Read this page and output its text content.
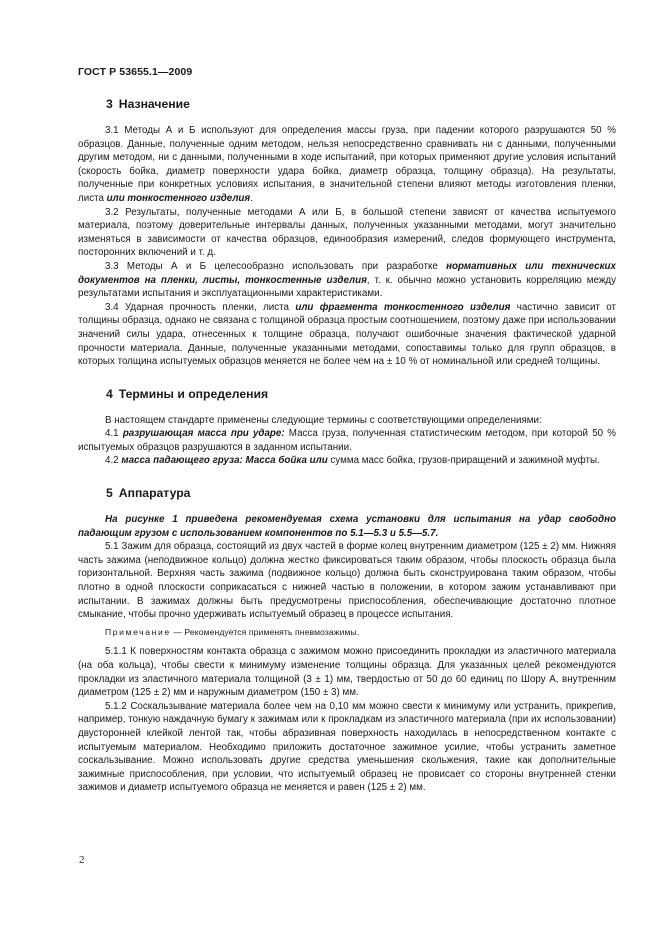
ГОСТ Р 53655.1—2009
3 Назначение

3.1 Методы А и Б используют для определения массы груза, при падении которого разрушаются 50 % образцов. Данные, полученные одним методом, нельзя непосредственно сравнивать ни с данными, полученными другим методом, ни с данными, полученными в ходе испытаний, при которых применяют другие условия испытаний (скорость бойка, диаметр поверхности удара бойка, диаметр образца, толщину образца). На результаты, полученные при конкретных условиях испытания, в значительной степени влияют методы изготовления пленки, листа или тонкостенного изделия.

3.2 Результаты, полученные методами А или Б, в большой степени зависят от качества испытуемого материала, поэтому доверительные интервалы данных, полученных указанными методами, могут значительно изменяться в зависимости от качества образцов, единообразия измерений, следов формующего инструмента, посторонних включений и т. д.

3.3 Методы А и Б целесообразно использовать при разработке нормативных или технических документов на пленки, листы, тонкостенные изделия, т. к. обычно можно установить корреляцию между результатами испытания и эксплуатационными характеристиками.

3.4 Ударная прочность пленки, листа или фрагмента тонкостенного изделия частично зависит от толщины образца, однако не связана с толщиной образца простым соотношением, поэтому даже при использовании значений силы удара, отнесенных к толщине образца, получают ошибочные значения фактической ударной прочности материала. Данные, полученные указанными методами, сопоставимы только для групп образцов, в которых толщина испытуемых образцов меняется не более чем на ± 10 % от номинальной или средней толщины.

4 Термины и определения

В настоящем стандарте применены следующие термины с соответствующими определениями:

4.1 разрушающая масса при ударе: Масса груза, полученная статистическим методом, при которой 50 % испытуемых образцов разрушаются в заданном испытании.

4.2 масса падающего груза: Масса бойка или сумма масс бойка, грузов-приращений и зажимной муфты.

5 Аппаратура

На рисунке 1 приведена рекомендуемая схема установки для испытания на удар свободно падающим грузом с использованием компонентов по 5.1—5.3 и 5.5—5.7.

5.1 Зажим для образца, состоящий из двух частей в форме колец внутренним диаметром (125 ± 2) мм. Нижняя часть зажима (неподвижное кольцо) должна жестко фиксироваться таким образом, чтобы плоскость образца была горизонтальной. Верхняя часть зажима (подвижное кольцо) должна быть сконструирована таким образом, чтобы плотно в одной плоскости соприкасаться с нижней частью в положении, в котором зажим устанавливают при испытании. В зажимах должны быть предусмотрены приспособления, обеспечивающие достаточно плотное смыкание, чтобы прочно удерживать испытуемый образец в процессе испытания.

Примечание — Рекомендуется применять пневмозажимы.

5.1.1 К поверхностям контакта образца с зажимом можно присоединить прокладки из эластичного материала (на оба кольца), чтобы свести к минимуму изменение толщины образца. Для указанных целей рекомендуются прокладки из эластичного материала толщиной (3 ± 1) мм, твердостью от 50 до 60 единиц по Шору А, внутренним диаметром (125 ± 2) мм и наружным диаметром (150 ± 3) мм.

5.1.2 Соскальзывание материала более чем на 0,10 мм можно свести к минимуму или устранить, прикрепив, например, тонкую наждачную бумагу к зажимам или к прокладкам из эластичного материала (при их использовании) двусторонней клейкой лентой так, чтобы абразивная поверхность находилась в непосредственном контакте с испытуемым материалом. Необходимо приложить достаточное зажимное усилие, чтобы устранить заметное соскальзывание. Можно использовать другие средства уменьшения скольжения, такие как дополнительные зажимные приспособления, при условии, что испытуемый образец не провисает со стороны внутренней стенки зажимов и диаметр испытуемого образца не меняется и равен (125 ± 2) мм.

2
